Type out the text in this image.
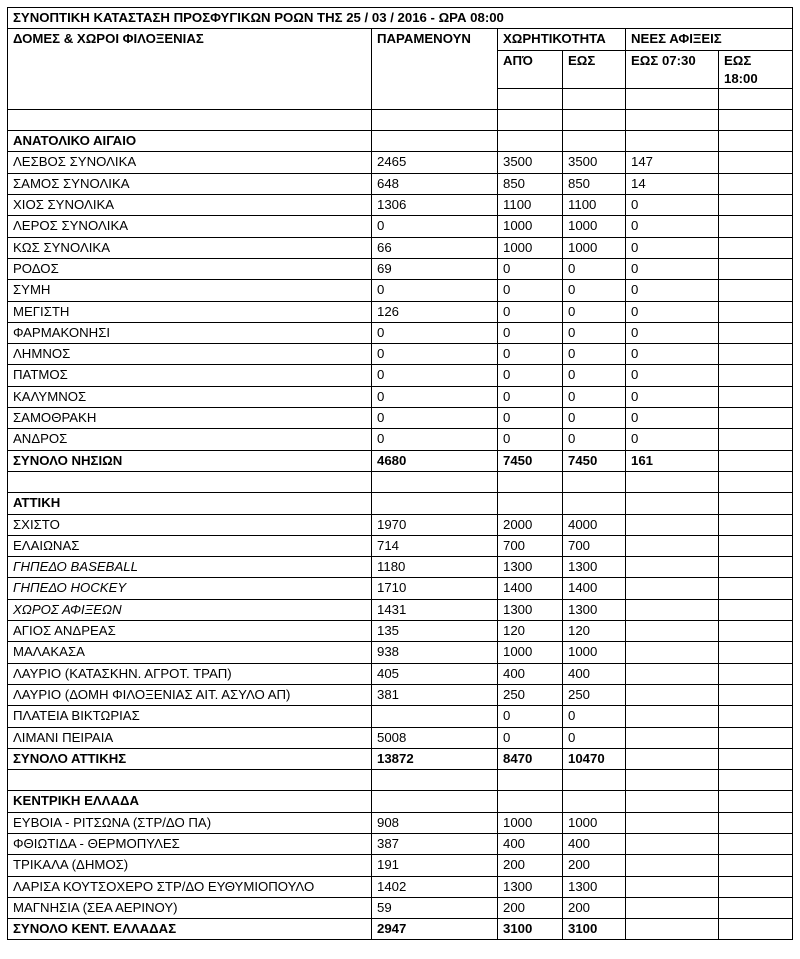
ΣΥΝΟΠΤΙΚΗ ΚΑΤΑΣΤΑΣΗ ΠΡΟΣΦΥΓΙΚΩΝ ΡΟΩΝ ΤΗΣ 25 / 03 / 2016 - ΩΡΑ 08:00					
ΔΟΜΕΣ & ΧΩΡΟΙ ΦΙΛΟΞΕΝΙΑΣ	ΠΑΡΑΜΕΝΟΥΝ	ΧΩΡΗΤΙΚΟΤΗΤΑ		ΝΕΕΣ ΑΦΙΞΕΙΣ	
		ΑΠΌ	ΕΩΣ	ΕΩΣ 07:30	ΕΩΣ 18:00

ΑΝΑΤΟΛΙΚΟ ΑΙΓΑΙΟ					
ΛΕΣΒΟΣ ΣΥΝΟΛΙΚΑ	2465	3500	3500	147	
ΣΑΜΟΣ ΣΥΝΟΛΙΚΑ	648	850	850	14	
ΧΙΟΣ ΣΥΝΟΛΙΚΑ	1306	1100	1100	0	
ΛΕΡΟΣ ΣΥΝΟΛΙΚΑ	0	1000	1000	0	
ΚΩΣ ΣΥΝΟΛΙΚΑ	66	1000	1000	0	
ΡΟΔΟΣ	69	0	0	0	
ΣΥΜΗ	0	0	0	0	
ΜΕΓΙΣΤΗ	126	0	0	0	
ΦΑΡΜΑΚΟΝΗΣΙ	0	0	0	0	
ΛΗΜΝΟΣ	0	0	0	0	
ΠΑΤΜΟΣ	0	0	0	0	
ΚΑΛΥΜΝΟΣ	0	0	0	0	
ΣΑΜΟΘΡΑΚΗ	0	0	0	0	
ΑΝΔΡΟΣ	0	0	0	0	
ΣΥΝΟΛΟ ΝΗΣΙΩΝ	4680	7450	7450	161	

ΑΤΤΙΚΗ					
ΣΧΙΣΤΟ	1970	2000	4000		
ΕΛΑΙΩΝΑΣ	714	700	700		
ΓΗΠΕΔΟ BASEBALL	1180	1300	1300		
ΓΗΠΕΔΟ HOCKEY	1710	1400	1400		
ΧΩΡΟΣ ΑΦΙΞΕΩΝ	1431	1300	1300		
ΑΓΙΟΣ ΑΝΔΡΕΑΣ	135	120	120		
ΜΑΛΑΚΑΣΑ	938	1000	1000		
ΛΑΥΡΙΟ (ΚΑΤΑΣΚΗΝ. ΑΓΡΟΤ. ΤΡΑΠ)	405	400	400		
ΛΑΥΡΙΟ (ΔΟΜΗ ΦΙΛΟΞΕΝΙΑΣ ΑΙΤ. ΑΣΥΛΟ ΑΠ)	381	250	250		
ΠΛΑΤΕΙΑ ΒΙΚΤΩΡΙΑΣ		0	0		
ΛΙΜΑΝΙ ΠΕΙΡΑΙΑ	5008	0	0		
ΣΥΝΟΛΟ ΑΤΤΙΚΗΣ	13872	8470	10470		

ΚΕΝΤΡΙΚΗ ΕΛΛΑΔΑ					
ΕΥΒΟΙΑ - ΡΙΤΣΩΝΑ (ΣΤΡ/ΔΟ ΠΑ)	908	1000	1000		
ΦΘΙΩΤΙΔΑ - ΘΕΡΜΟΠΥΛΕΣ	387	400	400		
ΤΡΙΚΑΛΑ (ΔΗΜΟΣ)	191	200	200		
ΛΑΡΙΣΑ ΚΟΥΤΣΟΧΕΡΟ ΣΤΡ/ΔΟ ΕΥΘΥΜΙΟΠΟΥΛΟ	1402	1300	1300		
ΜΑΓΝΗΣΙΑ (ΣΕΑ ΑΕΡΙΝΟΥ)	59	200	200		
ΣΥΝΟΛΟ ΚΕΝΤ. ΕΛΛΑΔΑΣ	2947	3100	3100		
